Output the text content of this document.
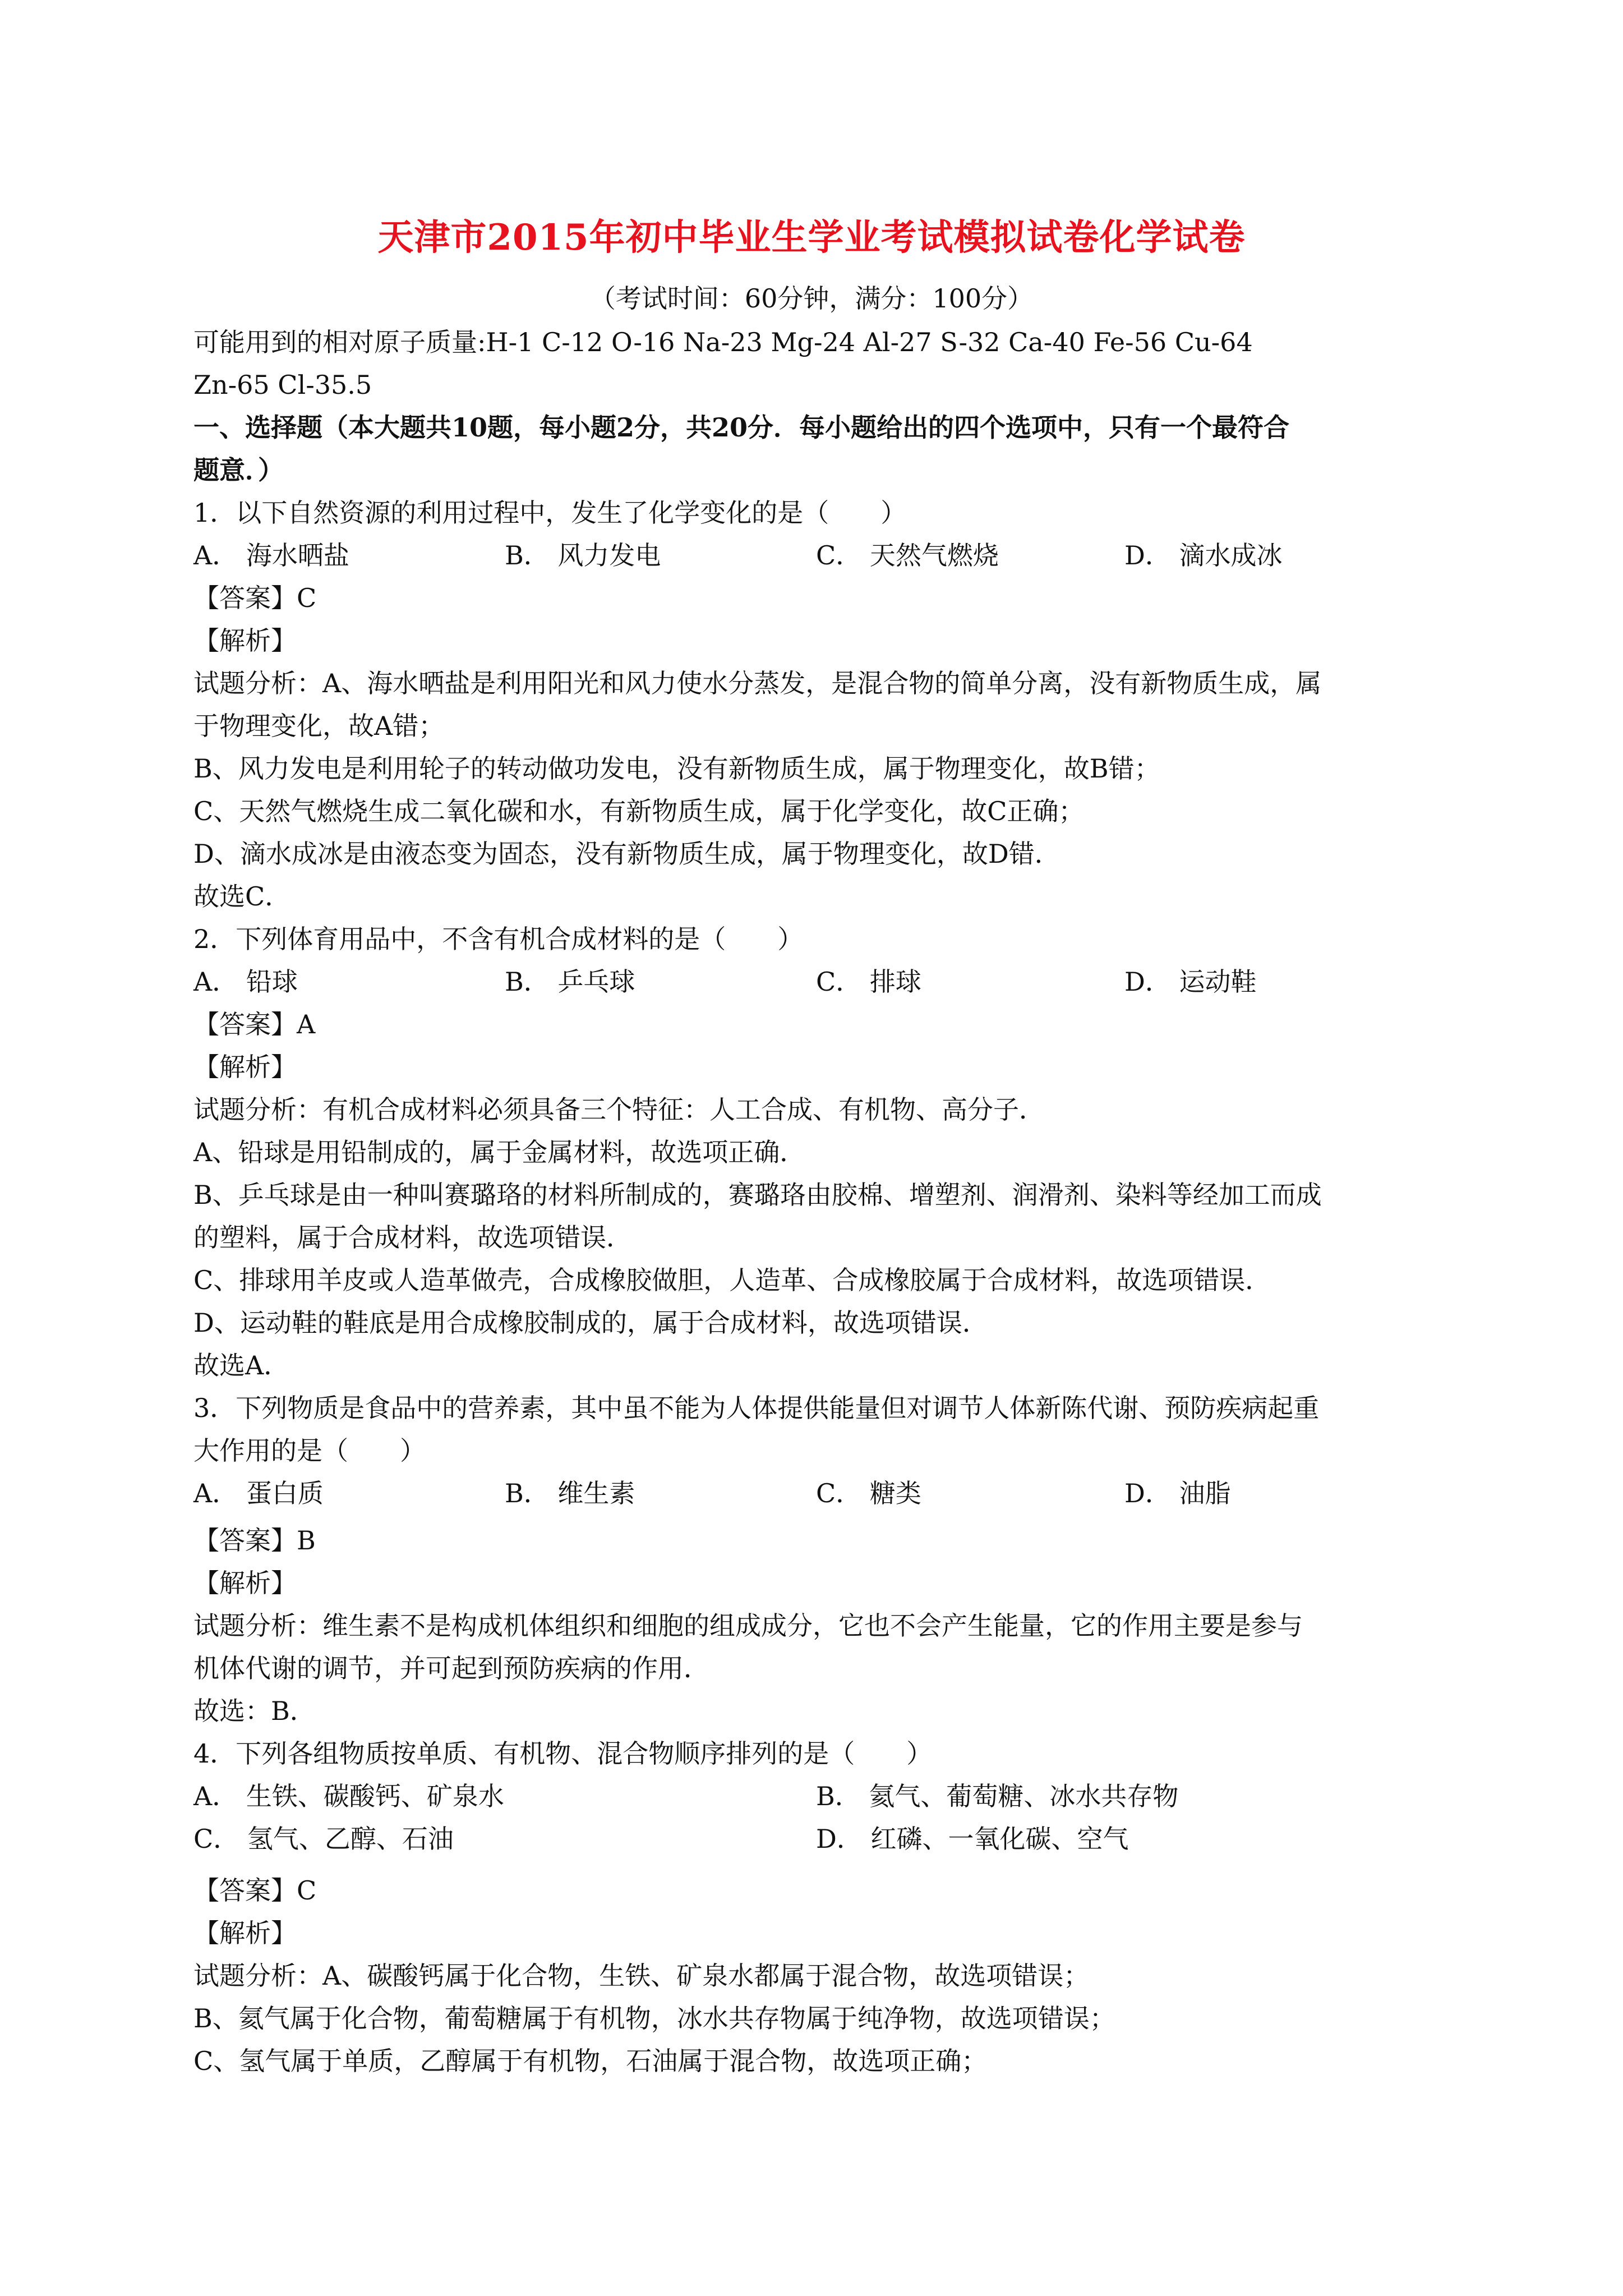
天津市2015年初中毕业生学业考试模拟试卷化学试卷
（考试时间：60分钟，满分：100分）
可能用到的相对原子质量:H-1 C-12 O-16 Na-23 Mg-24 Al-27 S-32 Ca-40 Fe-56 Cu-64
Zn-65 Cl-35.5
一、选择题（本大题共10题，每小题2分，共20分．每小题给出的四个选项中，只有一个最符合
题意．）
1．以下自然资源的利用过程中，发生了化学变化的是（　　）
A． 海水晒盐	B． 风力发电	C． 天然气燃烧	D． 滴水成冰
【答案】C
【解析】
试题分析：A、海水晒盐是利用阳光和风力使水分蒸发，是混合物的简单分离，没有新物质生成，属
于物理变化，故A错；
B、风力发电是利用轮子的转动做功发电，没有新物质生成，属于物理变化，故B错；
C、天然气燃烧生成二氧化碳和水，有新物质生成，属于化学变化，故C正确；
D、滴水成冰是由液态变为固态，没有新物质生成，属于物理变化，故D错．
故选C．
2．下列体育用品中，不含有机合成材料的是（　　）
A． 铅球	B． 乒乓球	C． 排球	D． 运动鞋
【答案】A
【解析】
试题分析：有机合成材料必须具备三个特征：人工合成、有机物、高分子．
A、铅球是用铅制成的，属于金属材料，故选项正确．
B、乒乓球是由一种叫赛璐珞的材料所制成的，赛璐珞由胶棉、增塑剂、润滑剂、染料等经加工而成
的塑料，属于合成材料，故选项错误．
C、排球用羊皮或人造革做壳，合成橡胶做胆，人造革、合成橡胶属于合成材料，故选项错误．
D、运动鞋的鞋底是用合成橡胶制成的，属于合成材料，故选项错误．
故选A．
3．下列物质是食品中的营养素，其中虽不能为人体提供能量但对调节人体新陈代谢、预防疾病起重
大作用的是（　　）
A． 蛋白质	B． 维生素	C． 糖类	D． 油脂
【答案】B
【解析】
试题分析：维生素不是构成机体组织和细胞的组成成分，它也不会产生能量，它的作用主要是参与
机体代谢的调节，并可起到预防疾病的作用．
故选：B．
4．下列各组物质按单质、有机物、混合物顺序排列的是（　　）
A． 生铁、碳酸钙、矿泉水	B． 氦气、葡萄糖、冰水共存物
C． 氢气、乙醇、石油	D． 红磷、一氧化碳、空气
【答案】C
【解析】
试题分析：A、碳酸钙属于化合物，生铁、矿泉水都属于混合物，故选项错误；
B、氦气属于化合物，葡萄糖属于有机物，冰水共存物属于纯净物，故选项错误；
C、氢气属于单质，乙醇属于有机物，石油属于混合物，故选项正确；
